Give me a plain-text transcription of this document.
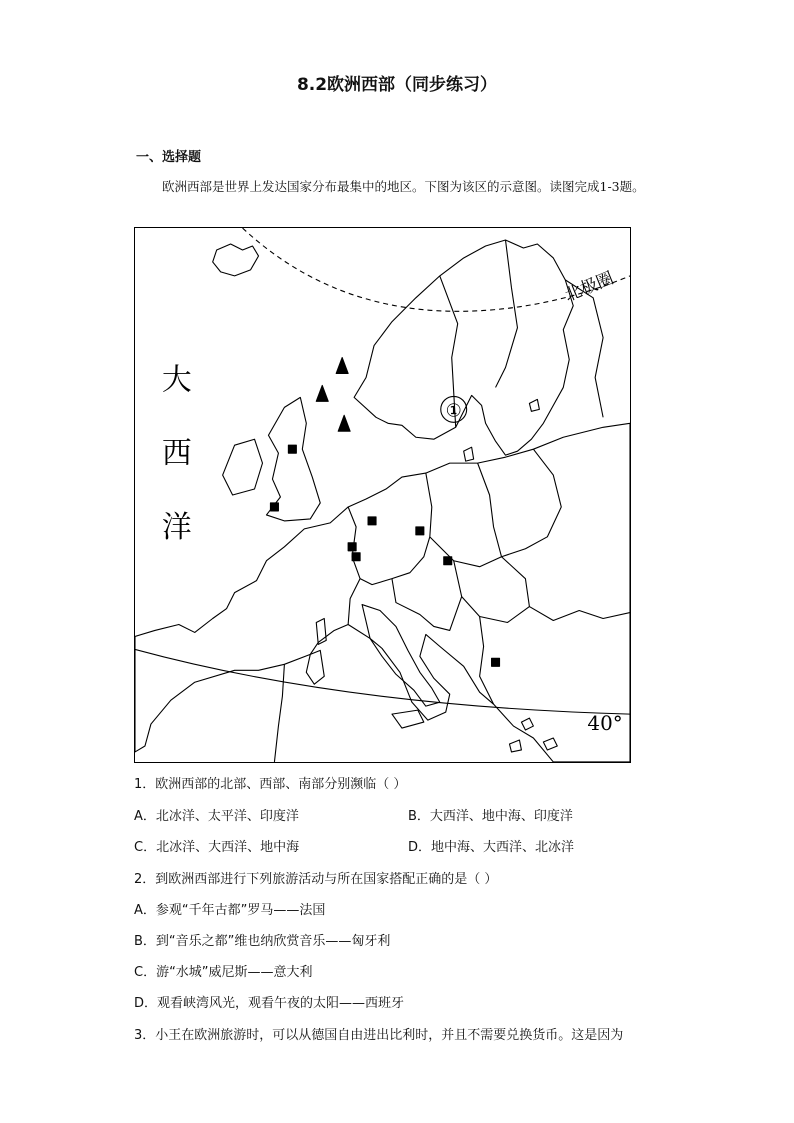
8.2欧洲西部（同步练习）
一、选择题
欧洲西部是世界上发达国家分布最集中的地区。下图为该区的示意图。读图完成1-3题。
①
大
西
洋
北极圈
40°
1．欧洲西部的北部、西部、南部分别濒临（ ）
A．北冰洋、太平洋、印度洋	B．大西洋、地中海、印度洋
C．北冰洋、大西洋、地中海	D．地中海、大西洋、北冰洋
2．到欧洲西部进行下列旅游活动与所在国家搭配正确的是（ ）
A．参观“千年古都”罗马——法国
B．到“音乐之都”维也纳欣赏音乐——匈牙利
C．游“水城”威尼斯——意大利
D．观看峡湾风光，观看午夜的太阳——西班牙
3．小王在欧洲旅游时，可以从德国自由进出比利时，并且不需要兑换货币。这是因为
